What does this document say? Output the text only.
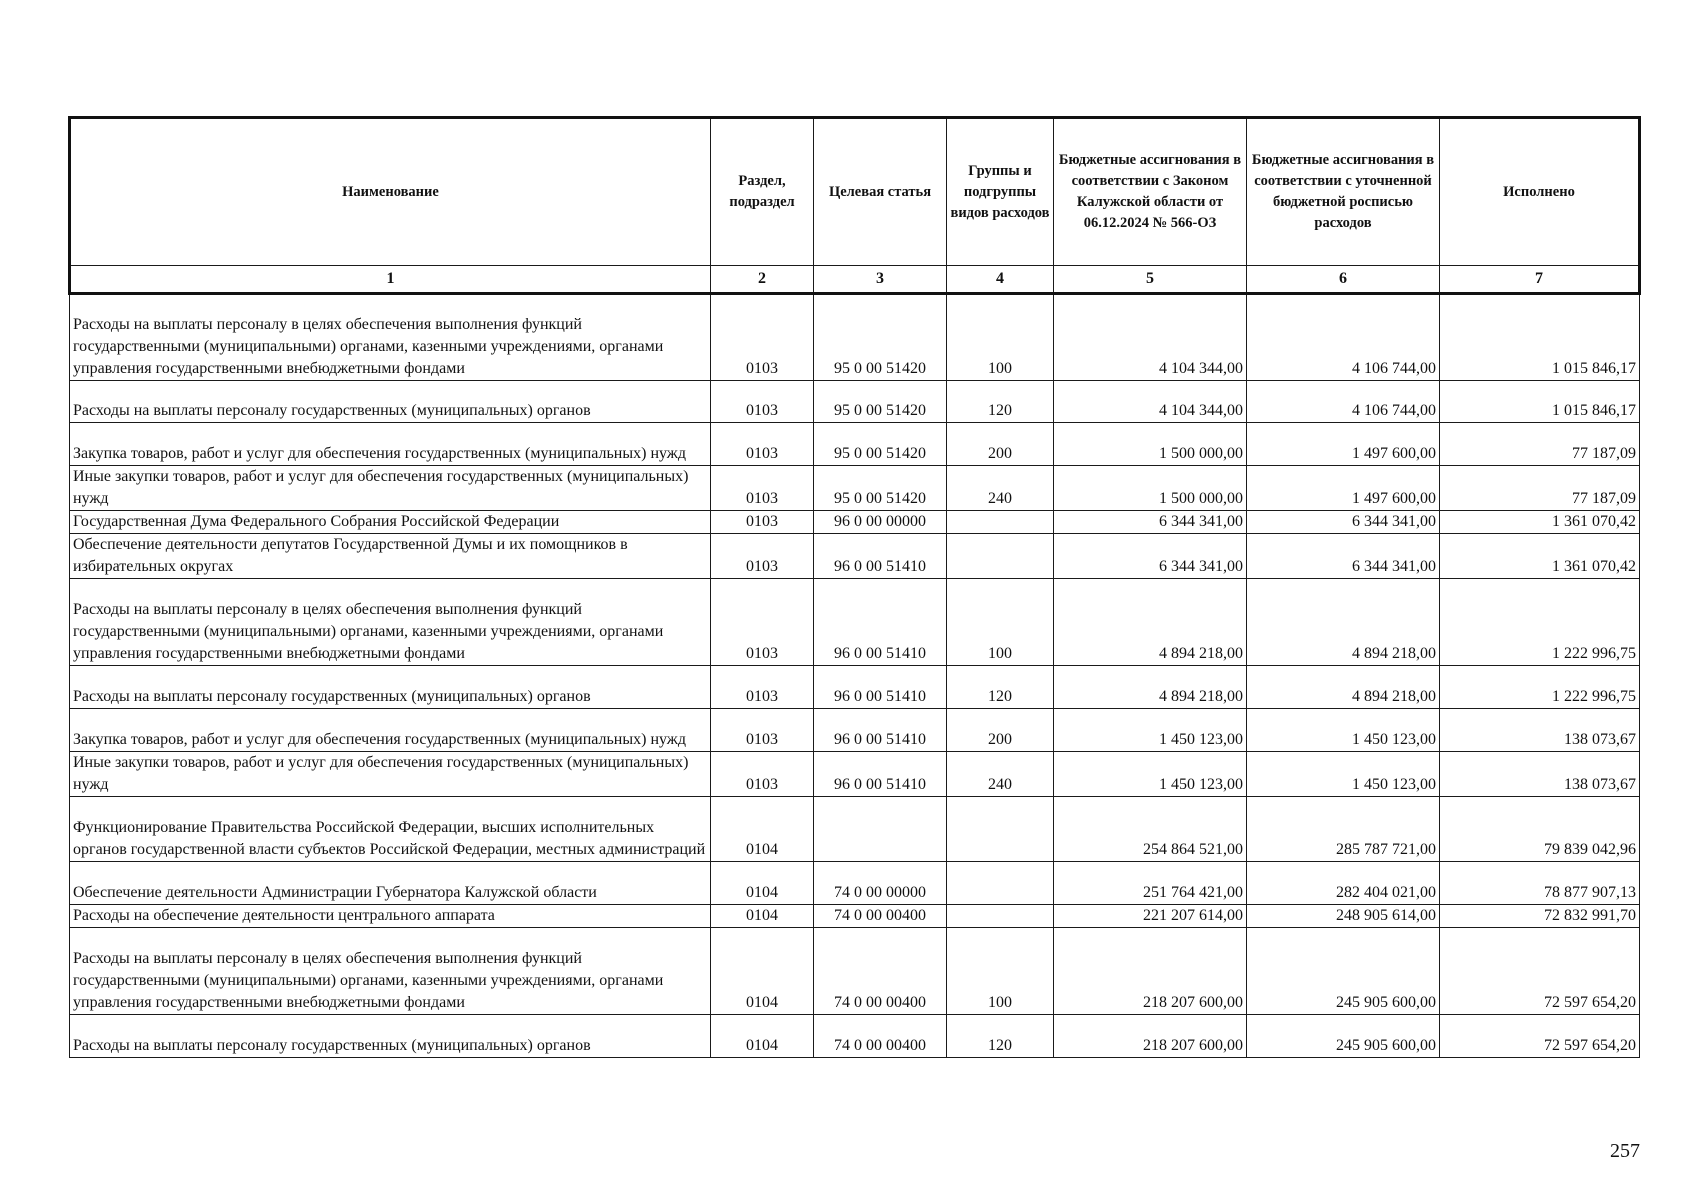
Наименование	Раздел, подраздел	Целевая статья	Группы и подгруппы видов расходов	Бюджетные ассигнования в соответствии с Законом Калужской области от 06.12.2024 № 566-ОЗ	Бюджетные ассигнования в соответствии с уточненной бюджетной росписью расходов	Исполнено
1	2	3	4	5	6	7
Расходы на выплаты персоналу в целях обеспечения выполнения функций государственными (муниципальными) органами, казенными учреждениями, органами управления государственными внебюджетными фондами	0103	95 0 00 51420	100	4 104 344,00	4 106 744,00	1 015 846,17
Расходы на выплаты персоналу государственных (муниципальных) органов	0103	95 0 00 51420	120	4 104 344,00	4 106 744,00	1 015 846,17
Закупка товаров, работ и услуг для обеспечения государственных (муниципальных) нужд	0103	95 0 00 51420	200	1 500 000,00	1 497 600,00	77 187,09
Иные закупки товаров, работ и услуг для обеспечения государственных (муниципальных) нужд	0103	95 0 00 51420	240	1 500 000,00	1 497 600,00	77 187,09
Государственная Дума Федерального Собрания Российской Федерации	0103	96 0 00 00000		6 344 341,00	6 344 341,00	1 361 070,42
Обеспечение деятельности депутатов Государственной Думы и их помощников в избирательных округах	0103	96 0 00 51410		6 344 341,00	6 344 341,00	1 361 070,42
Расходы на выплаты персоналу в целях обеспечения выполнения функций государственными (муниципальными) органами, казенными учреждениями, органами управления государственными внебюджетными фондами	0103	96 0 00 51410	100	4 894 218,00	4 894 218,00	1 222 996,75
Расходы на выплаты персоналу государственных (муниципальных) органов	0103	96 0 00 51410	120	4 894 218,00	4 894 218,00	1 222 996,75
Закупка товаров, работ и услуг для обеспечения государственных (муниципальных) нужд	0103	96 0 00 51410	200	1 450 123,00	1 450 123,00	138 073,67
Иные закупки товаров, работ и услуг для обеспечения государственных (муниципальных) нужд	0103	96 0 00 51410	240	1 450 123,00	1 450 123,00	138 073,67
Функционирование Правительства Российской Федерации, высших исполнительных органов государственной власти субъектов Российской Федерации, местных администраций	0104			254 864 521,00	285 787 721,00	79 839 042,96
Обеспечение деятельности Администрации Губернатора Калужской области	0104	74 0 00 00000		251 764 421,00	282 404 021,00	78 877 907,13
Расходы на обеспечение деятельности центрального аппарата	0104	74 0 00 00400		221 207 614,00	248 905 614,00	72 832 991,70
Расходы на выплаты персоналу в целях обеспечения выполнения функций государственными (муниципальными) органами, казенными учреждениями, органами управления государственными внебюджетными фондами	0104	74 0 00 00400	100	218 207 600,00	245 905 600,00	72 597 654,20
Расходы на выплаты персоналу государственных (муниципальных) органов	0104	74 0 00 00400	120	218 207 600,00	245 905 600,00	72 597 654,20
257
